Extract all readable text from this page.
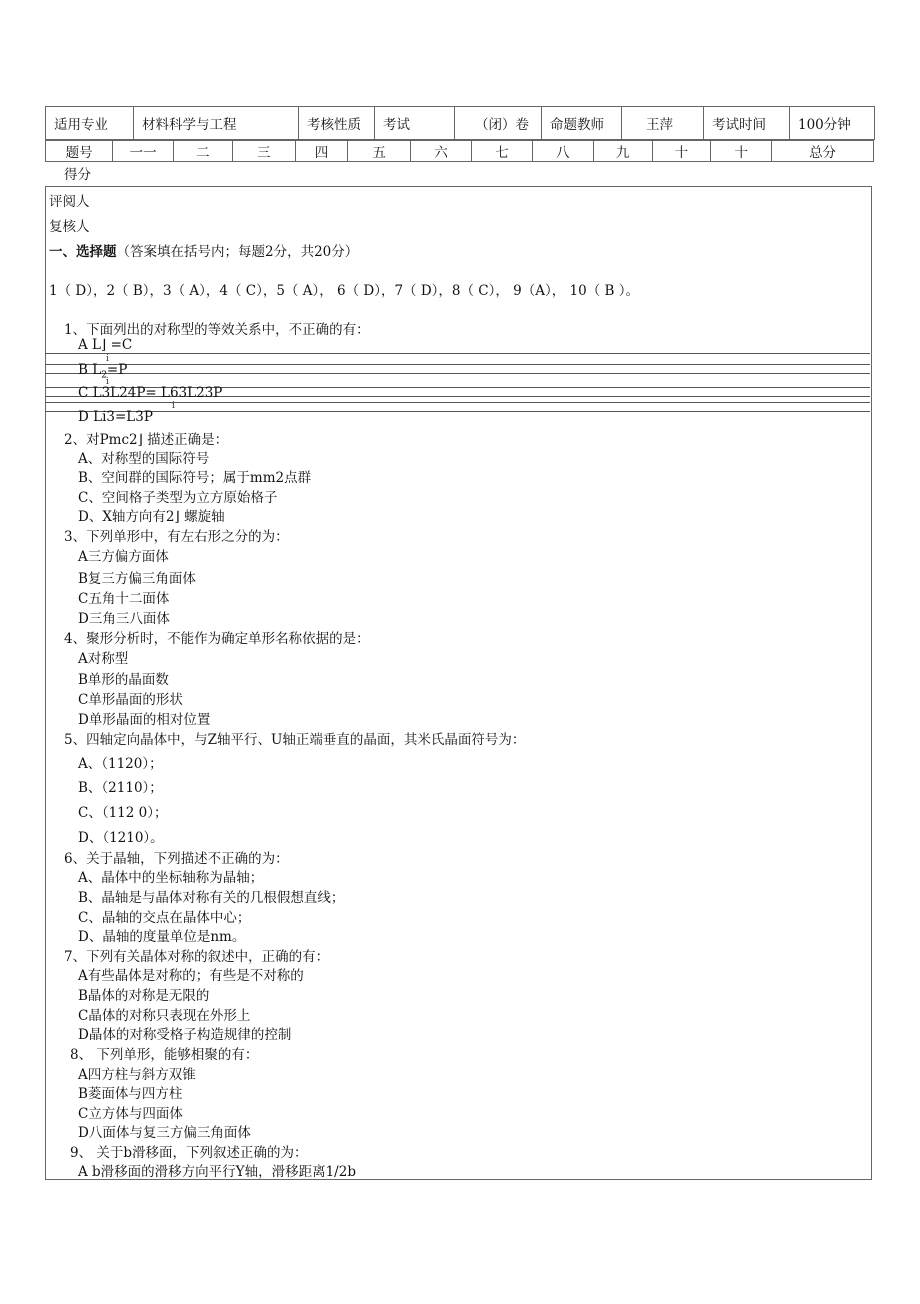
适用专业	材料科学与工程	考核性质	考试	（闭）卷	命题教师	王萍	考试时间	100分钟
题号	一一	二	三	四	五	六	七	八	九	十	十	总分
得分
评阅人
复核人
一、选择题（答案填在括号内；每题2分，共20分）
1（ D），2（ B），3（ A），4（ C），5（ A）， 6（ D），7（ D），8（ C）， 9（A）， 10（ B ）。
1、下面列出的对称型的等效关系中，不正确的有：
A L⌋ =C
i
B $L_2=P$
i
C L3L24P= L63L23P
i
D Li3=L3P
2、对Pmc2⌋ 描述正确是：
A、对称型的国际符号
B、空间群的国际符号；属于mm2点群
C、空间格子类型为立方原始格子
D、X轴方向有2⌋ 螺旋轴
3、下列单形中，有左右形之分的为：
A三方偏方面体
B复三方偏三角面体
C五角十二面体
D三角三八面体
4、聚形分析时，不能作为确定单形名称依据的是：
A对称型
B单形的晶面数
C单形晶面的形状
D单形晶面的相对位置
5、四轴定向晶体中，与Z轴平行、U轴正端垂直的晶面，其米氏晶面符号为：
A、（1120）；
B、（2110）；
C、（112 0）；
D、（1210）。
6、关于晶轴，下列描述不正确的为：
A、晶体中的坐标轴称为晶轴；
B、晶轴是与晶体对称有关的几根假想直线；
C、晶轴的交点在晶体中心；
D、晶轴的度量单位是nm。
7、下列有关晶体对称的叙述中，正确的有：
A有些晶体是对称的；有些是不对称的
B晶体的对称是无限的
C晶体的对称只表现在外形上
D晶体的对称受格子构造规律的控制
8、 下列单形，能够相聚的有：
A四方柱与斜方双锥
B菱面体与四方柱
C立方体与四面体
D八面体与复三方偏三角面体
9、 关于b滑移面，下列叙述正确的为：
A b滑移面的滑移方向平行Y轴，滑移距离1/2b
